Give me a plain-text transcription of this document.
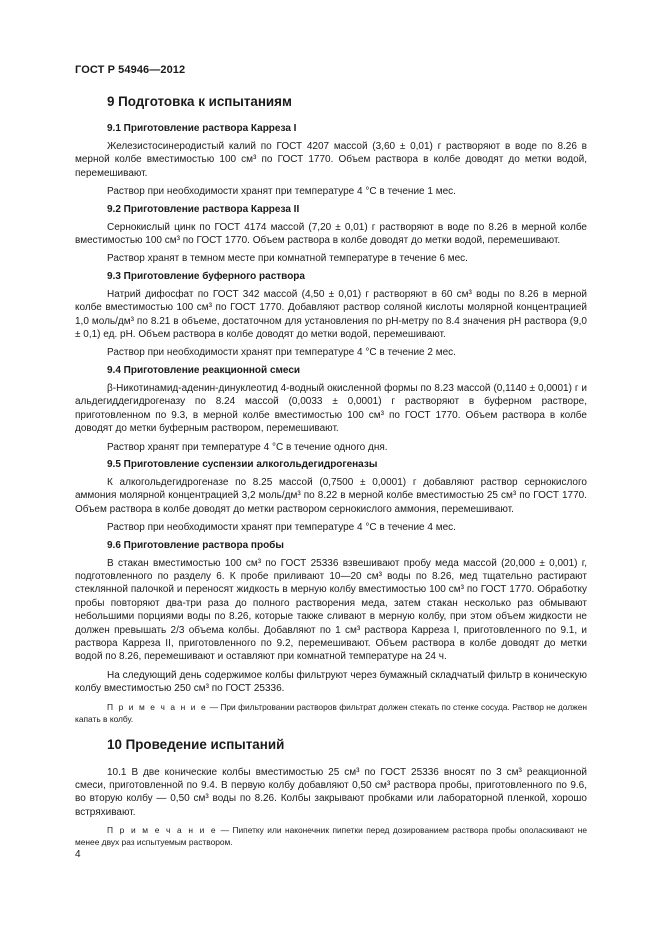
ГОСТ Р 54946—2012
9 Подготовка к испытаниям
9.1 Приготовление раствора Карреза I

Железистосинеродистый калий по ГОСТ 4207 массой (3,60 ± 0,01) г растворяют в воде по 8.26 в мерной колбе вместимостью 100 см³ по ГОСТ 1770. Объем раствора в колбе доводят до метки водой, перемешивают.

Раствор при необходимости хранят при температуре 4 °С в течение 1 мес.

9.2 Приготовление раствора Карреза II

Сернокислый цинк по ГОСТ 4174 массой (7,20 ± 0,01) г растворяют в воде по 8.26 в мерной колбе вместимостью 100 см³ по ГОСТ 1770. Объем раствора в колбе доводят до метки водой, перемешивают.

Раствор хранят в темном месте при комнатной температуре в течение 6 мес.

9.3 Приготовление буферного раствора

Натрий дифосфат по ГОСТ 342 массой (4,50 ± 0,01) г растворяют в 60 см³ воды по 8.26 в мерной колбе вместимостью 100 см³ по ГОСТ 1770. Добавляют раствор соляной кислоты молярной концентрацией 1,0 моль/дм³ по 8.21 в объеме, достаточном для установления по рН-метру по 8.4 значения рН раствора (9,0 ± 0,1) ед. рН. Объем раствора в колбе доводят до метки водой, перемешивают.

Раствор при необходимости хранят при температуре 4 °С в течение 2 мес.

9.4 Приготовление реакционной смеси

β-Никотинамид-аденин-динуклеотид 4-водный окисленной формы по 8.23 массой (0,1140 ± 0,0001) г и альдегиддегидрогеназу по 8.24 массой (0,0033 ± 0,0001) г растворяют в буферном растворе, приготовленном по 9.3, в мерной колбе вместимостью 100 см³ по ГОСТ 1770. Объем раствора в колбе доводят до метки буферным раствором, перемешивают.

Раствор хранят при температуре 4 °С в течение одного дня.

9.5 Приготовление суспензии алкогольдегидрогеназы

К алкогольдегидрогеназе по 8.25 массой (0,7500 ± 0,0001) г добавляют раствор сернокислого аммония молярной концентрацией 3,2 моль/дм³ по 8.22 в мерной колбе вместимостью 25 см³ по ГОСТ 1770. Объем раствора в колбе доводят до метки раствором сернокислого аммония, перемешивают.

Раствор при необходимости хранят при температуре 4 °С в течение 4 мес.

9.6 Приготовление раствора пробы

В стакан вместимостью 100 см³ по ГОСТ 25336 взвешивают пробу меда массой (20,000 ± 0,001) г, подготовленного по разделу 6. К пробе приливают 10—20 см³ воды по 8.26, мед тщательно растирают стеклянной палочкой и переносят жидкость в мерную колбу вместимостью 100 см³ по ГОСТ 1770. Обработку пробы повторяют два-три раза до полного растворения меда, затем стакан несколько раз обмывают небольшими порциями воды по 8.26, которые также сливают в мерную колбу, при этом объем жидкости не должен превышать 2/3 объема колбы. Добавляют по 1 см³ раствора Карреза I, приготовленного по 9.1, и раствора Карреза II, приготовленного по 9.2, перемешивают. Объем раствора в колбе доводят до метки водой по 8.26, перемешивают и оставляют при комнатной температуре на 24 ч.

На следующий день содержимое колбы фильтруют через бумажный складчатый фильтр в коническую колбу вместимостью 250 см³ по ГОСТ 25336.

П р и м е ч а н и е — При фильтровании растворов фильтрат должен стекать по стенке сосуда. Раствор не должен капать в колбу.

10 Проведение испытаний

10.1 В две конические колбы вместимостью 25 см³ по ГОСТ 25336 вносят по 3 см³ реакционной смеси, приготовленной по 9.4. В первую колбу добавляют 0,50 см³ раствора пробы, приготовленного по 9.6, во вторую колбу — 0,50 см³ воды по 8.26. Колбы закрывают пробками или лабораторной пленкой, хорошо встряхивают.

П р и м е ч а н и е — Пипетку или наконечник пипетки перед дозированием раствора пробы ополаскивают не менее двух раз испытуемым раствором.

4
